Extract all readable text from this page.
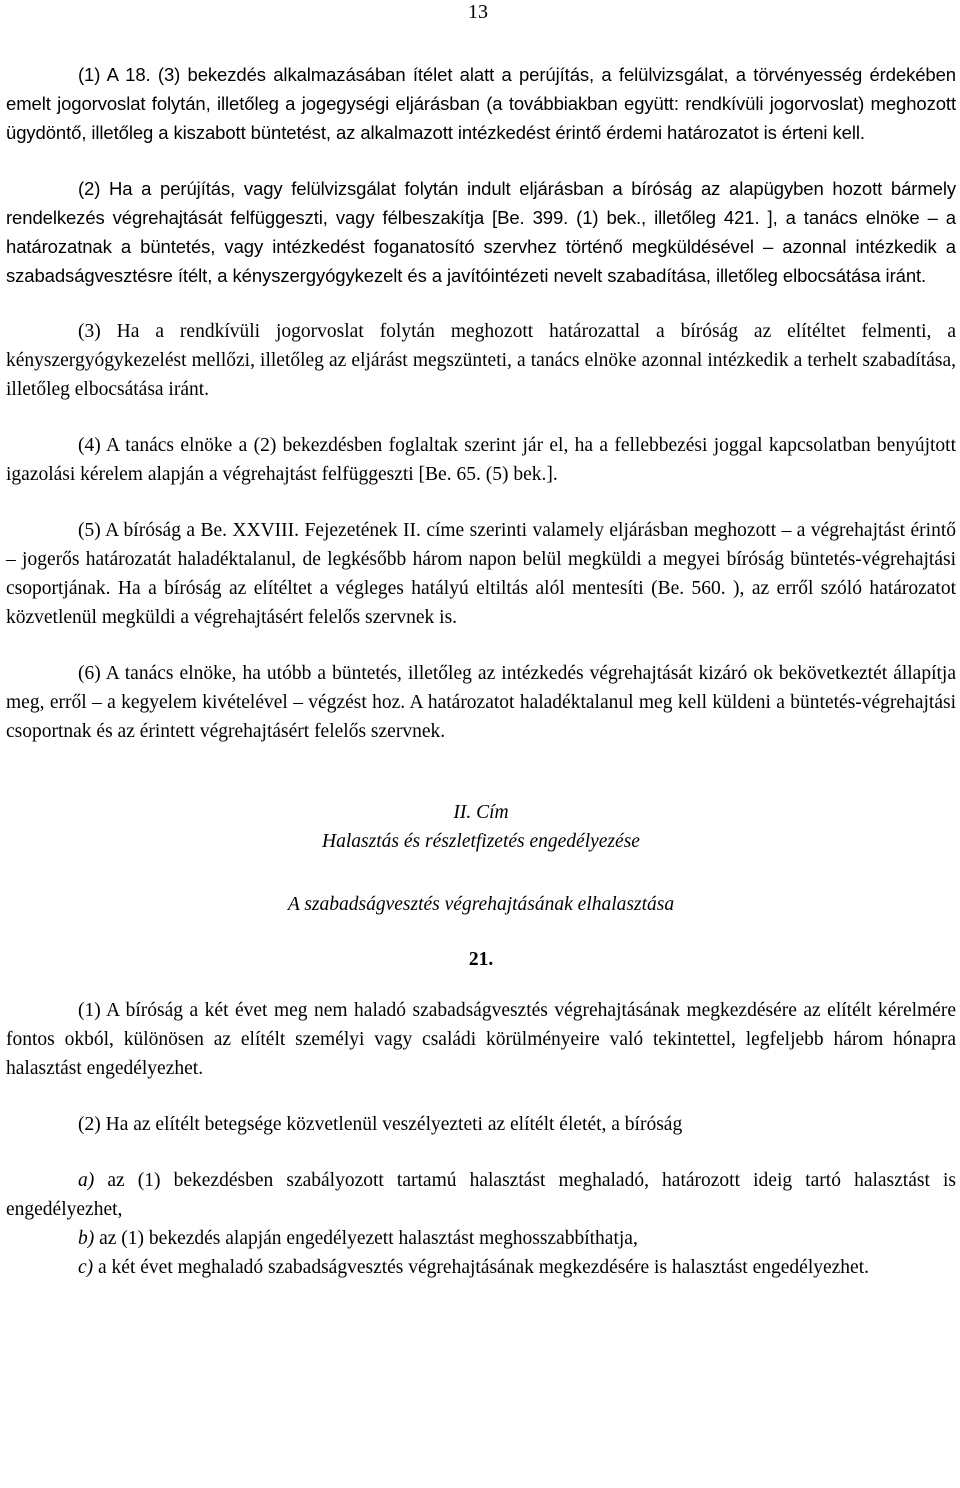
13

(1) A 18. (3) bekezdés alkalmazásában ítélet alatt a perújítás, a felülvizsgálat, a törvényesség érdekében emelt jogorvoslat folytán, illetőleg a jogegységi eljárásban (a továbbiakban együtt: rendkívüli jogorvoslat) meghozott ügydöntő, illetőleg a kiszabott büntetést, az alkalmazott intézkedést érintő érdemi határozatot is érteni kell.

(2) Ha a perújítás, vagy felülvizsgálat folytán indult eljárásban a bíróság az alapügyben hozott bármely rendelkezés végrehajtását felfüggeszti, vagy félbeszakítja [Be. 399. (1) bek., illetőleg 421. ], a tanács elnöke – a határozatnak a büntetés, vagy intézkedést foganatosító szervhez történő megküldésével – azonnal intézkedik a szabadságvesztésre ítélt, a kényszergyógykezelt és a javítóintézeti nevelt szabadítása, illetőleg elbocsátása iránt.

(3) Ha a rendkívüli jogorvoslat folytán meghozott határozattal a bíróság az elítéltet felmenti, a kényszergyógykezelést mellőzi, illetőleg az eljárást megszünteti, a tanács elnöke azonnal intézkedik a terhelt szabadítása, illetőleg elbocsátása iránt.

(4) A tanács elnöke a (2) bekezdésben foglaltak szerint jár el, ha a fellebbezési joggal kapcsolatban benyújtott igazolási kérelem alapján a végrehajtást felfüggeszti [Be. 65. (5) bek.].

(5) A bíróság a Be. XXVIII. Fejezetének II. címe szerinti valamely eljárásban meghozott – a végrehajtást érintő – jogerős határozatát haladéktalanul, de legkésőbb három napon belül megküldi a megyei bíróság büntetés-végrehajtási csoportjának. Ha a bíróság az elítéltet a végleges hatályú eltiltás alól mentesíti (Be. 560. ), az erről szóló határozatot közvetlenül megküldi a végrehajtásért felelős szervnek is.

(6) A tanács elnöke, ha utóbb a büntetés, illetőleg az intézkedés végrehajtását kizáró ok bekövetkeztét állapítja meg, erről – a kegyelem kivételével – végzést hoz. A határozatot haladéktalanul meg kell küldeni a büntetés-végrehajtási csoportnak és az érintett végrehajtásért felelős szervnek.

II. Cím

Halasztás és részletfizetés engedélyezése

A szabadságvesztés végrehajtásának elhalasztása

21.

(1) A bíróság a két évet meg nem haladó szabadságvesztés végrehajtásának megkezdésére az elítélt kérelmére fontos okból, különösen az elítélt személyi vagy családi körülményeire való tekintettel, legfeljebb három hónapra halasztást engedélyezhet.

(2) Ha az elítélt betegsége közvetlenül veszélyezteti az elítélt életét, a bíróság

a) az (1) bekezdésben szabályozott tartamú halasztást meghaladó, határozott ideig tartó halasztást is engedélyezhet,

b) az (1) bekezdés alapján engedélyezett halasztást meghosszabbíthatja,

c) a két évet meghaladó szabadságvesztés végrehajtásának megkezdésére is halasztást engedélyezhet.
